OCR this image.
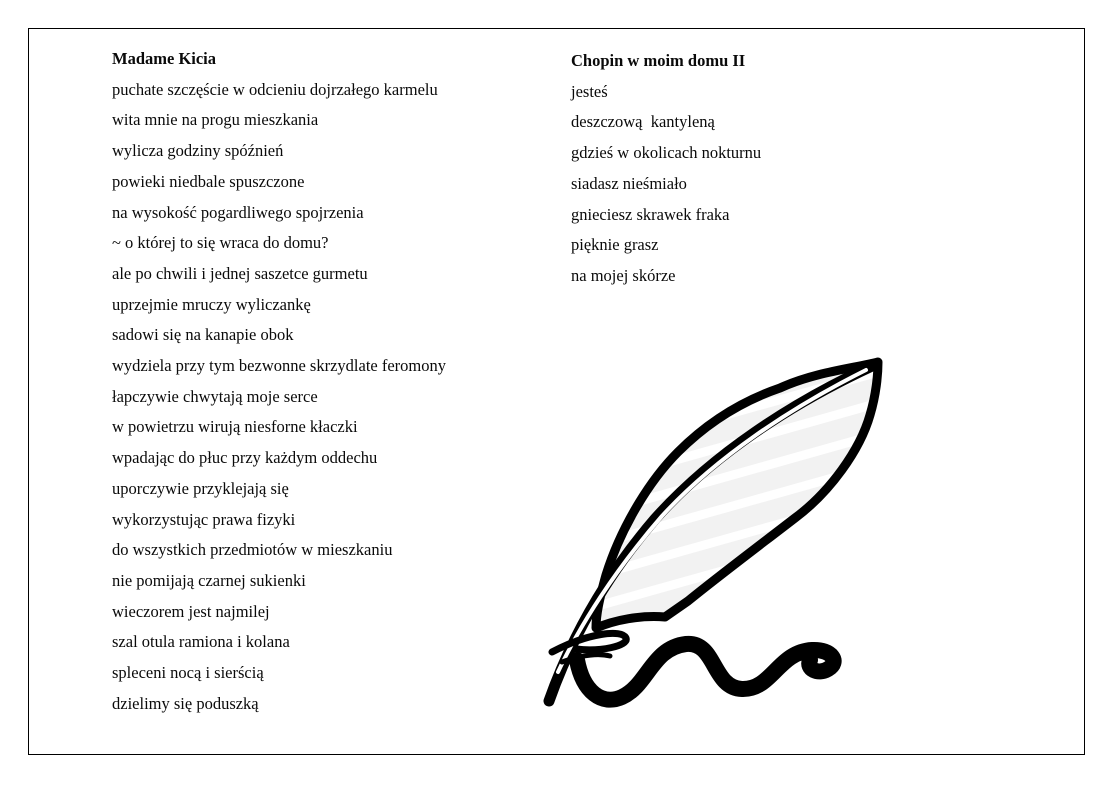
Madame Kicia
puchate szczęście w odcieniu dojrzałego karmelu
wita mnie na progu mieszkania
wylicza godziny spóźnień
powieki niedbale spuszczone
na wysokość pogardliwego spojrzenia
~ o której to się wraca do domu?
ale po chwili i jednej saszetce gurmetu
uprzejmie mruczy wyliczankę
sadowi się na kanapie obok
wydziela przy tym bezwonne skrzydlate feromony
łapczywie chwytają moje serce
w powietrzu wirują niesforne kłaczki
wpadając do płuc przy każdym oddechu
uporczywie przyklejają się
wykorzystując prawa fizyki
do wszystkich przedmiotów w mieszkaniu
nie pomijają czarnej sukienki
wieczorem jest najmilej
szal otula ramiona i kolana
spleceni nocą i sierścią
dzielimy się poduszką
Chopin w moim domu II
jesteś
deszczową  kantyleną
gdzieś w okolicach nokturnu
siadasz nieśmiało
gnieciesz skrawek fraka
pięknie grasz
na mojej skórze
